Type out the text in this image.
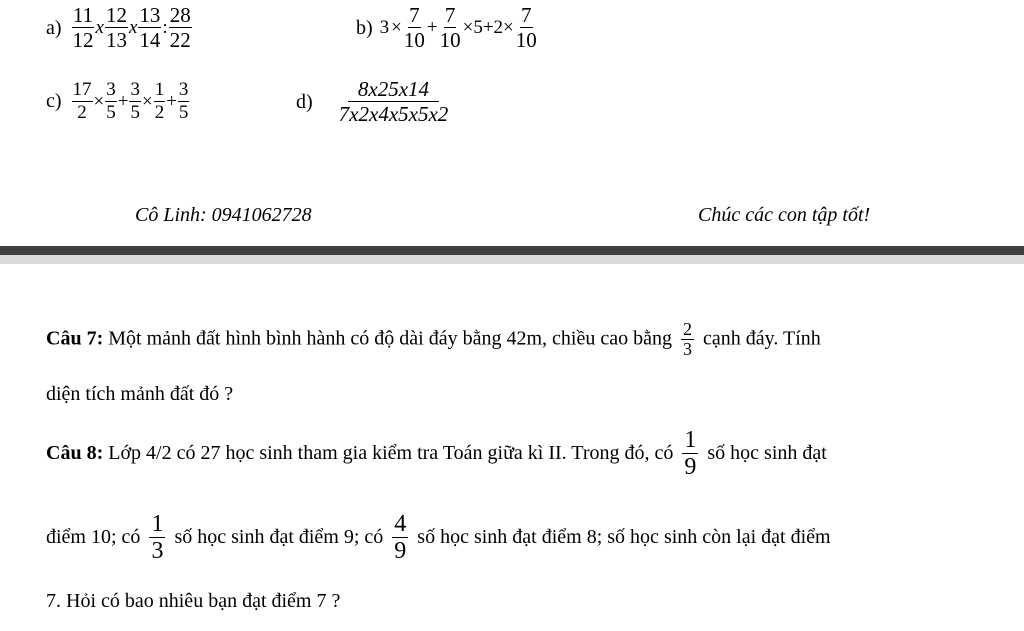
$a) \frac{11}{12}$ x $\frac{12}{13}$ x $\frac{13}{14}$ : $\frac{28}{22}$	b) $3 \times \frac{7}{10} + \frac{7}{10} \times 5+2\times \frac{7}{10}$
$c) \frac{17}{2} \times \frac{3}{5} + \frac{3}{5} \times \frac{1}{2} + \frac{3}{5}$	$d) \frac{8x25x14}{7x2x4x5x5x2}$
Cô Linh: 0941062728	Chúc các con tập tốt!
Câu 7: Một mảnh đất hình bình hành có độ dài đáy bằng 42m, chiều cao bằng $\frac{2}{3}$ cạnh đáy. Tính
diện tích mảnh đất đó ?
Câu 8: Lớp 4/2 có 27 học sinh tham gia kiểm tra Toán giữa kì II. Trong đó, có $\frac{1}{9}$ số học sinh đạt
điểm 10; có $\frac{1}{3}$ số học sinh đạt điểm 9; có $\frac{4}{9}$ số học sinh đạt điểm 8; số học sinh còn lại đạt điểm
7. Hỏi có bao nhiêu bạn đạt điểm 7 ?
